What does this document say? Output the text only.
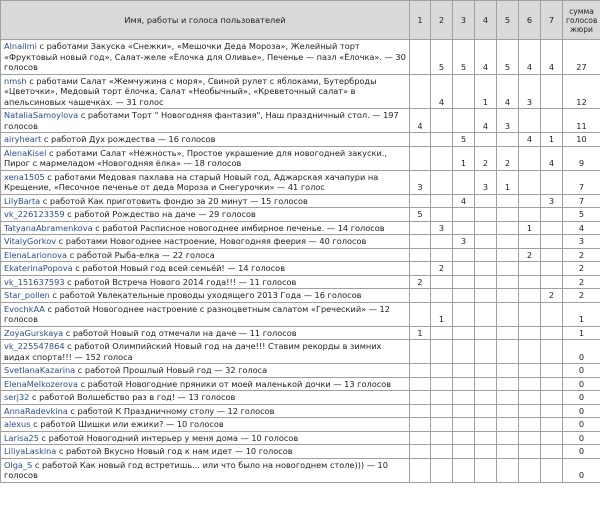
Имя, работы и голоса пользователей	1	2	3	4	5	6	7	сумма голосов жюри
Alnailmi с работами Закуска «Снежки», «Мешочки Деда Мороза», Желейный торт «Фруктовый новый год», Салат-желе «Ёлочка для Оливье», Печенье — пазл «Ёлочка». — 30 голосов		5	5	4	5	4	4	27
nmsh с работами Салат «Жемчужина с моря», Свиной рулет с яблоками, Бутерброды «Цветочки», Медовый торт ёлочка, Салат «Необычный», «Креветочный салат» в апельсиновых чашечках. — 31 голос		4		1	4	3		12
NataliaSamoylova с работами Торт " Новогодняя фантазия", Наш праздничный стол. — 197 голосов	4			4	3			11
airyheart с работой Дух рождества — 16 голосов			5			4	1	10
AlenaKisel с работами Салат «Нежность», Простое украшение для новогодней закуски., Пирог с мармеладом «Новогодняя ёлка» — 18 голосов			1	2	2		4	9
xena1505 с работами Медовая пахлава на старый Новый год, Аджарская хачапури на Крещение, «Песочное печенье от деда Мороза и Снегурочки» — 41 голос	3			3	1			7
LilyBarta с работой Как приготовить фондю за 20 минут — 15 голосов			4				3	7
vk_226123359 с работой Рождество на даче — 29 голосов	5							5
TatyanaAbramenkova с работой Расписное новогоднее имбирное печенье. — 14 голосов		3				1		4
VitalyGorkov с работами Новогоднее настроение, Новогодняя феерия — 40 голосов			3					3
ElenaLarionova с работой Рыба-елка — 22 голоса						2		2
EkaterinaPopova с работой Новый год всей семьёй! — 14 голосов		2						2
vk_151637593 с работой Встреча Нового 2014 года!!! — 11 голосов	2							2
Star_pollen с работой Увлекательные проводы уходящего 2013 Года — 16 голосов							2	2
EvochkAA с работой Новогоднее настроение с разноцветным салатом «Греческий» — 12 голосов		1						1
ZoyaGurskaya с работой Новый год отмечали на даче — 11 голосов	1							1
vk_225547864 с работой Олимпийский Новый год на даче!!! Ставим рекорды в зимних видах спорта!!! — 152 голоса								0
SvetlanaKazarina с работой Прошлый Новый год — 32 голоса								0
ElenaMelkozerova с работой Новогодние пряники от моей маленькой дочки — 13 голосов								0
serj32 с работой Волшебство раз в год! — 13 голосов								0
AnnaRadevkina с работой К Праздничному столу — 12 голосов								0
alexus с работой Шишки или ежики? — 10 голосов								0
Larisa25 с работой Новогодний интерьер у меня дома — 10 голосов								0
LiliyaLaskina с работой Вкусно Новый год к нам идет — 10 голосов								0
Olga_S с работой Как новый год встретишь... или что было на новогоднем столе))) — 10 голосов								0
